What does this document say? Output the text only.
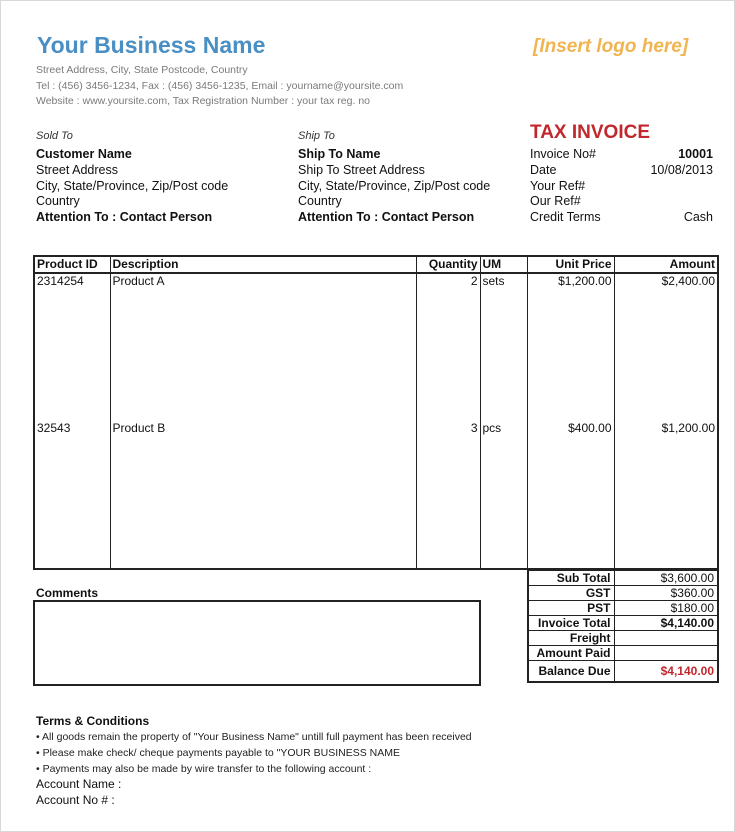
Your Business Name	[Insert logo here]
Street Address, City, State Postcode, Country
Tel : (456) 3456-1234, Fax : (456) 3456-1235, Email : yourname@yoursite.com
Website : www.yoursite.com, Tax Registration Number : your tax reg. no
Sold To
Customer Name
Street Address
City, State/Province, Zip/Post code
Country
Attention To : Contact Person
Ship To
Ship To Name
Ship To Street Address
City, State/Province, Zip/Post code
Country
Attention To : Contact Person
TAX INVOICE
Invoice No#	10001
Date	10/08/2013
Your Ref#
Our Ref#
Credit Terms	Cash
Product ID	Description	Quantity	UM	Unit Price	Amount
2314254	Product A	2	sets	$1,200.00	$2,400.00
32543	Product B	3	pcs	$400.00	$1,200.00

Sub Total	$3,600.00
GST	$360.00
PST	$180.00
Invoice Total	$4,140.00
Freight	
Amount Paid	
Balance Due	$4,140.00
Comments
Terms & Conditions
• All goods remain the property of "Your Business Name" untill full payment has been received
• Please make check/ cheque payments payable to "YOUR BUSINESS NAME
• Payments may also be made by wire transfer to the following account :
Account Name :
Account No # :
